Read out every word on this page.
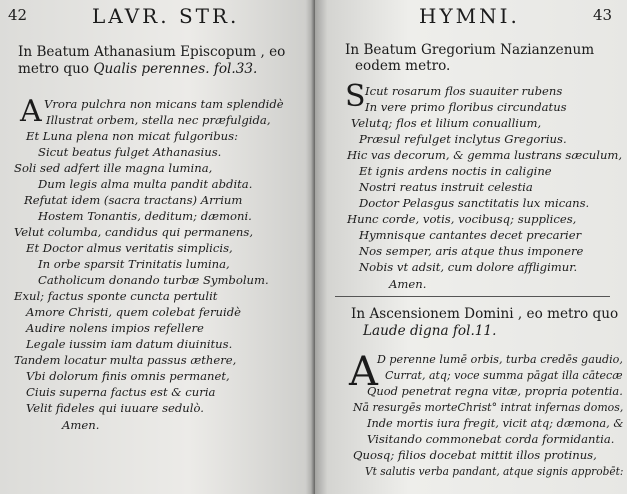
42	LAVR. STR.
In Beatum Athanasium Episcopum , eo
metro quo Qualis perennes. fol.33.
A Vrora pulchra non micans tam splendidè
Illustrat orbem, stella nec præfulgida,
Et Luna plena non micat fulgoribus:
Sicut beatus fulget Athanasius.
Soli sed adfert ille magna lumina,
Dum legis alma multa pandit abdita.
Refutat idem (sacra tractans) Arrium
Hostem Tonantis, deditum; dæmoni.
Velut columba, candidus qui permanens,
Et Doctor almus veritatis simplicis,
In orbe sparsit Trinitatis lumina,
Catholicum donando turbæ Symbolum.
Exul; factus sponte cuncta pertulit
Amore Christi, quem colebat feruidè
Audire nolens impios refellere
Legale iussim iam datum diuinitus.
Tandem locatur multa passus æthere,
Vbi dolorum finis omnis permanet,
Ciuis superna factus est & curia
Velit fideles qui iuuare sedulò.
Amen.
HYMNI.	43
In Beatum Gregorium Nazianzenum
eodem metro.
S Icut rosarum flos suauiter rubens
In vere primo floribus circundatus
Velutq; flos et lilium conuallium,
Præsul refulget inclytus Gregorius.
Hic vas decorum, & gemma lustrans sæculum,
Et ignis ardens noctis in caligine
Nostri reatus instruit celestia
Doctor Pelasgus sanctitatis lux micans.
Hunc corde, votis, vocibusq; supplices,
Hymnisque cantantes decet precarier
Nos semper, aris atque thus imponere
Nobis vt adsit, cum dolore affligimur.
Amen.
In Ascensionem Domini , eo metro quo
Laude digna fol.11.
A D perenne lumē orbis, turba credēs gaudio,
Currat, atq; voce summa pāgat illa cātecæ
Quod penetrat regna vitæ, propria potentia.
Nā resurgēs morteChrist° intrat infernas domos,
Inde mortis iura fregit, vicit atq; dæmona, &
Visitando commonebat corda formidantia.
Quosq; filios docebat mittit illos protinus,
Vt salutis verba pandant, atque signis approbēt:
